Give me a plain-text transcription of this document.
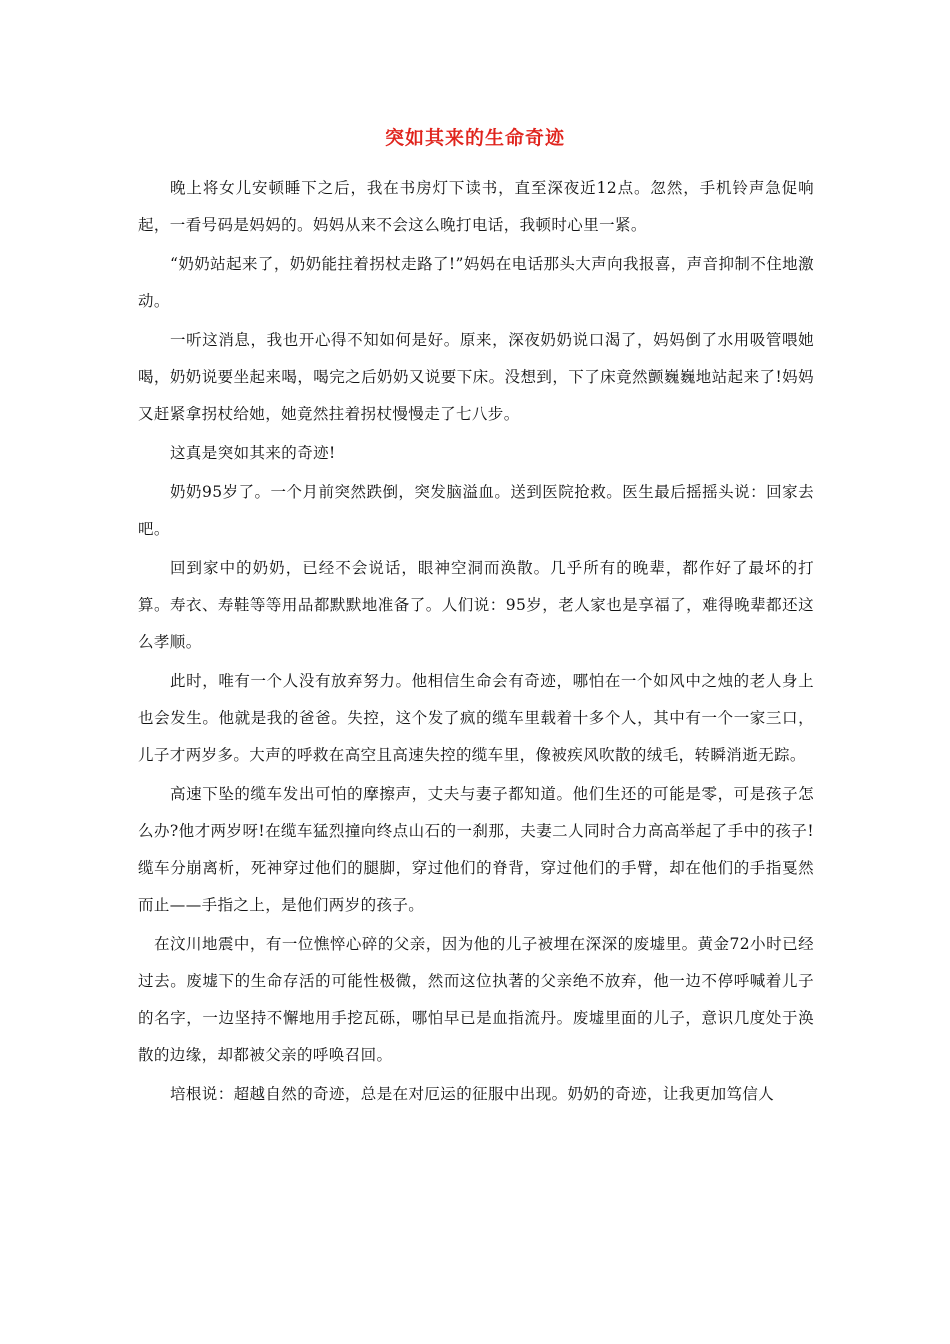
突如其来的生命奇迹

晚上将女儿安顿睡下之后，我在书房灯下读书，直至深夜近12点。忽然，手机铃声急促响起，一看号码是妈妈的。妈妈从来不会这么晚打电话，我顿时心里一紧。

“奶奶站起来了，奶奶能拄着拐杖走路了!”妈妈在电话那头大声向我报喜，声音抑制不住地激动。

一听这消息，我也开心得不知如何是好。原来，深夜奶奶说口渴了，妈妈倒了水用吸管喂她喝，奶奶说要坐起来喝，喝完之后奶奶又说要下床。没想到，下了床竟然颤巍巍地站起来了!妈妈又赶紧拿拐杖给她，她竟然拄着拐杖慢慢走了七八步。

这真是突如其来的奇迹!

奶奶95岁了。一个月前突然跌倒，突发脑溢血。送到医院抢救。医生最后摇摇头说：回家去吧。

回到家中的奶奶，已经不会说话，眼神空洞而涣散。几乎所有的晚辈，都作好了最坏的打算。寿衣、寿鞋等等用品都默默地准备了。人们说：95岁，老人家也是享福了，难得晚辈都还这么孝顺。

此时，唯有一个人没有放弃努力。他相信生命会有奇迹，哪怕在一个如风中之烛的老人身上也会发生。他就是我的爸爸。失控，这个发了疯的缆车里载着十多个人，其中有一个一家三口，儿子才两岁多。大声的呼救在高空且高速失控的缆车里，像被疾风吹散的绒毛，转瞬消逝无踪。

高速下坠的缆车发出可怕的摩擦声，丈夫与妻子都知道。他们生还的可能是零，可是孩子怎么办?他才两岁呀!在缆车猛烈撞向终点山石的一刹那，夫妻二人同时合力高高举起了手中的孩子!缆车分崩离析，死神穿过他们的腿脚，穿过他们的脊背，穿过他们的手臂，却在他们的手指戛然而止——手指之上，是他们两岁的孩子。

在汶川地震中，有一位憔悴心碎的父亲，因为他的儿子被埋在深深的废墟里。黄金72小时已经过去。废墟下的生命存活的可能性极微，然而这位执著的父亲绝不放弃，他一边不停呼喊着儿子的名字，一边坚持不懈地用手挖瓦砾，哪怕早已是血指流丹。废墟里面的儿子，意识几度处于涣散的边缘，却都被父亲的呼唤召回。

培根说：超越自然的奇迹，总是在对厄运的征服中出现。奶奶的奇迹，让我更加笃信人
